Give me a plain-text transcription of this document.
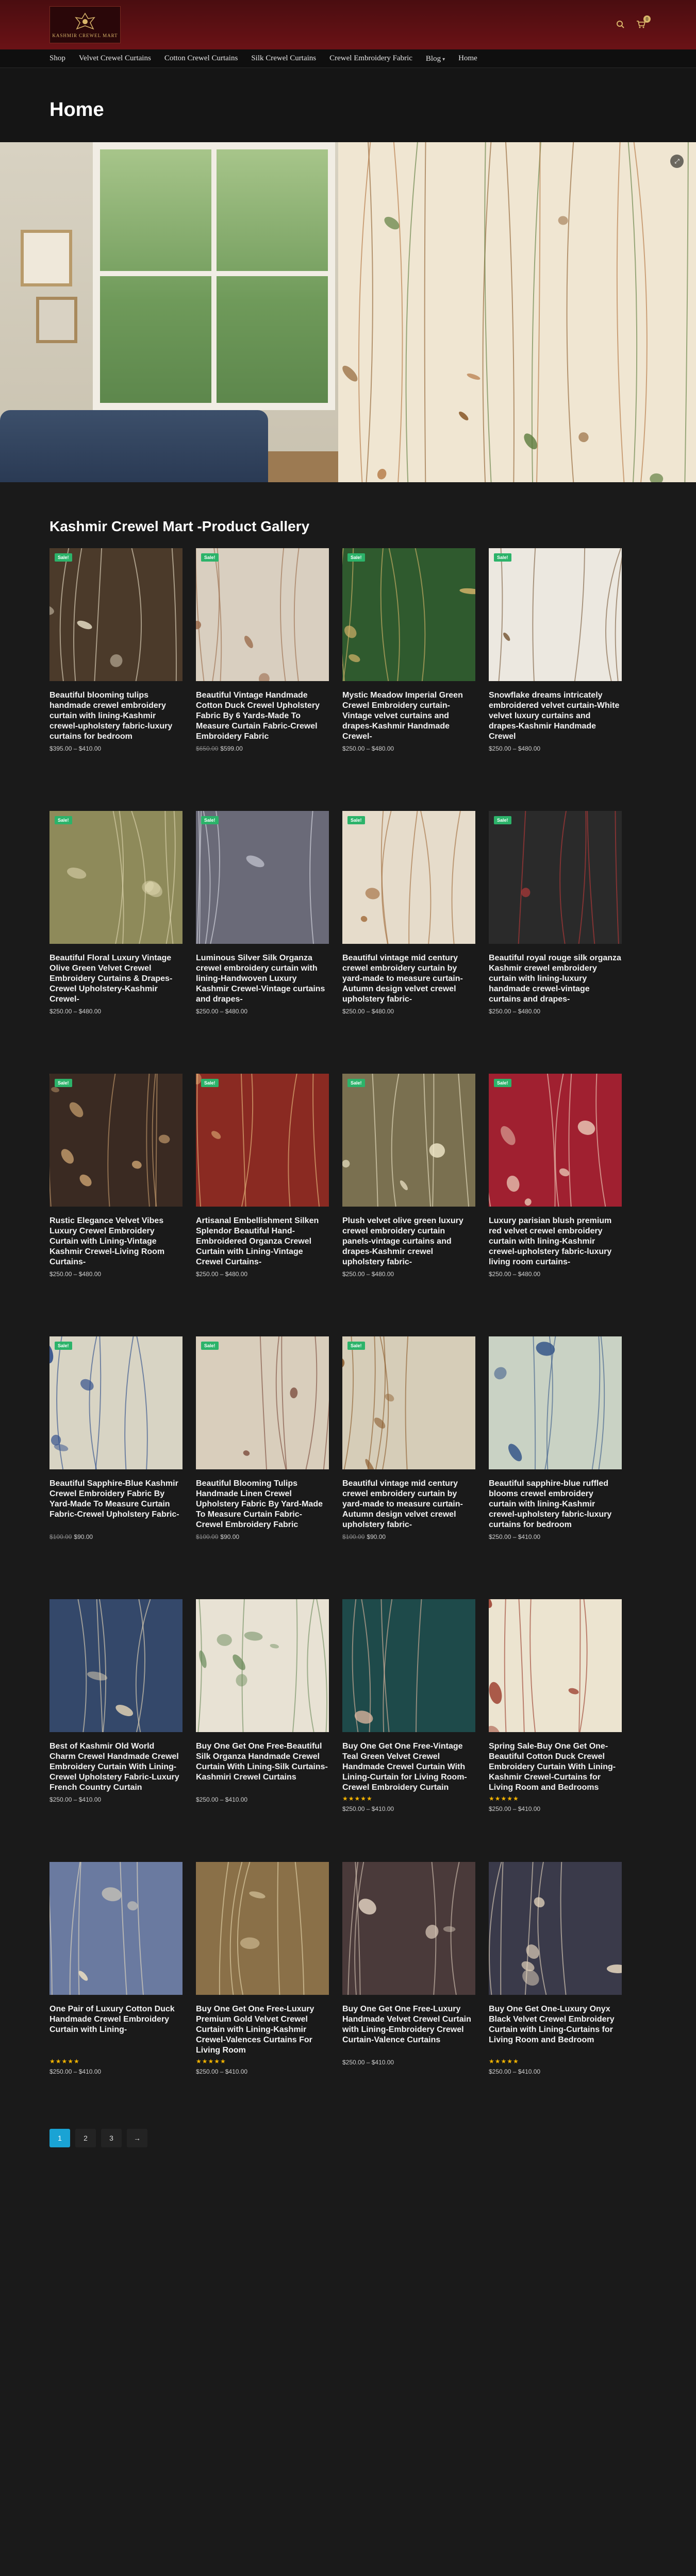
KASHMIR CREWEL MART
0
Shop Velvet Crewel Curtains Cotton Crewel Curtains Silk Crewel Curtains Crewel Embroidery Fabric Blog ▾ Home
Home
⤢
Kashmir Crewel Mart -Product Gallery
Sale!
Beautiful blooming tulips handmade crewel embroidery curtain with lining-Kashmir crewel-upholstery fabric-luxury curtains for bedroom
$395.00 – $410.00
Sale!
Beautiful Vintage Handmade Cotton Duck Crewel Upholstery Fabric By 6 Yards-Made To Measure Curtain Fabric-Crewel Embroidery Fabric
$650.00 $599.00
Sale!
Mystic Meadow Imperial Green Crewel Embroidery curtain-Vintage velvet curtains and drapes-Kashmir Handmade Crewel-
$250.00 – $480.00
Sale!
Snowflake dreams intricately embroidered velvet curtain-White velvet luxury curtains and drapes-Kashmir Handmade Crewel
$250.00 – $480.00
Sale!
Beautiful Floral Luxury Vintage Olive Green Velvet Crewel Embroidery Curtains & Drapes-Crewel Upholstery-Kashmir Crewel-
$250.00 – $480.00
Sale!
Luminous Silver Silk Organza crewel embroidery curtain with lining-Handwoven Luxury Kashmir Crewel-Vintage curtains and drapes-
$250.00 – $480.00
Sale!
Beautiful vintage mid century crewel embroidery curtain by yard-made to measure curtain-Autumn design velvet crewel upholstery fabric-
$250.00 – $480.00
Sale!
Beautiful royal rouge silk organza Kashmir crewel embroidery curtain with lining-luxury handmade crewel-vintage curtains and drapes-
$250.00 – $480.00
Sale!
Rustic Elegance Velvet Vibes Luxury Crewel Embroidery Curtain with Lining-Vintage Kashmir Crewel-Living Room Curtains-
$250.00 – $480.00
Sale!
Artisanal Embellishment Silken Splendor Beautiful Hand-Embroidered Organza Crewel Curtain with Lining-Vintage Crewel Curtains-
$250.00 – $480.00
Sale!
Plush velvet olive green luxury crewel embroidery curtain panels-vintage curtains and drapes-Kashmir crewel upholstery fabric-
$250.00 – $480.00
Sale!
Luxury parisian blush premium red velvet crewel embroidery curtain with lining-Kashmir crewel-upholstery fabric-luxury living room curtains-
$250.00 – $480.00
Sale!
Beautiful Sapphire-Blue Kashmir Crewel Embroidery Fabric By Yard-Made To Measure Curtain Fabric-Crewel Upholstery Fabric-
$100.00 $90.00
Sale!
Beautiful Blooming Tulips Handmade Linen Crewel Upholstery Fabric By Yard-Made To Measure Curtain Fabric-Crewel Embroidery Fabric
$100.00 $90.00
Sale!
Beautiful vintage mid century crewel embroidery curtain by yard-made to measure curtain-Autumn design velvet crewel upholstery fabric-
$100.00 $90.00
Beautiful sapphire-blue ruffled blooms crewel embroidery curtain with lining-Kashmir crewel-upholstery fabric-luxury curtains for bedroom
$250.00 – $410.00
Best of Kashmir Old World Charm Crewel Handmade Crewel Embroidery Curtain With Lining-Crewel Upholstery Fabric-Luxury French Country Curtain
$250.00 – $410.00
Buy One Get One Free-Beautiful Silk Organza Handmade Crewel Curtain With Lining-Silk Curtains-Kashmiri Crewel Curtains
$250.00 – $410.00
Buy One Get One Free-Vintage Teal Green Velvet Crewel Handmade Crewel Curtain With Lining-Curtain for Living Room-Crewel Embroidery Curtain
★★★★★
$250.00 – $410.00
Spring Sale-Buy One Get One-Beautiful Cotton Duck Crewel Embroidery Curtain With Lining-Kashmir Crewel-Curtains for Living Room and Bedrooms
★★★★★
$250.00 – $410.00
One Pair of Luxury Cotton Duck Handmade Crewel Embroidery Curtain with Lining-
★★★★★
$250.00 – $410.00
Buy One Get One Free-Luxury Premium Gold Velvet Crewel Curtain with Lining-Kashmir Crewel-Valences Curtains For Living Room
★★★★★
$250.00 – $410.00
Buy One Get One Free-Luxury Handmade Velvet Crewel Curtain with Lining-Embroidery Crewel Curtain-Valence Curtains
$250.00 – $410.00
Buy One Get One-Luxury Onyx Black Velvet Crewel Embroidery Curtain with Lining-Curtains for Living Room and Bedroom
★★★★★
$250.00 – $410.00
1	2	3	→
